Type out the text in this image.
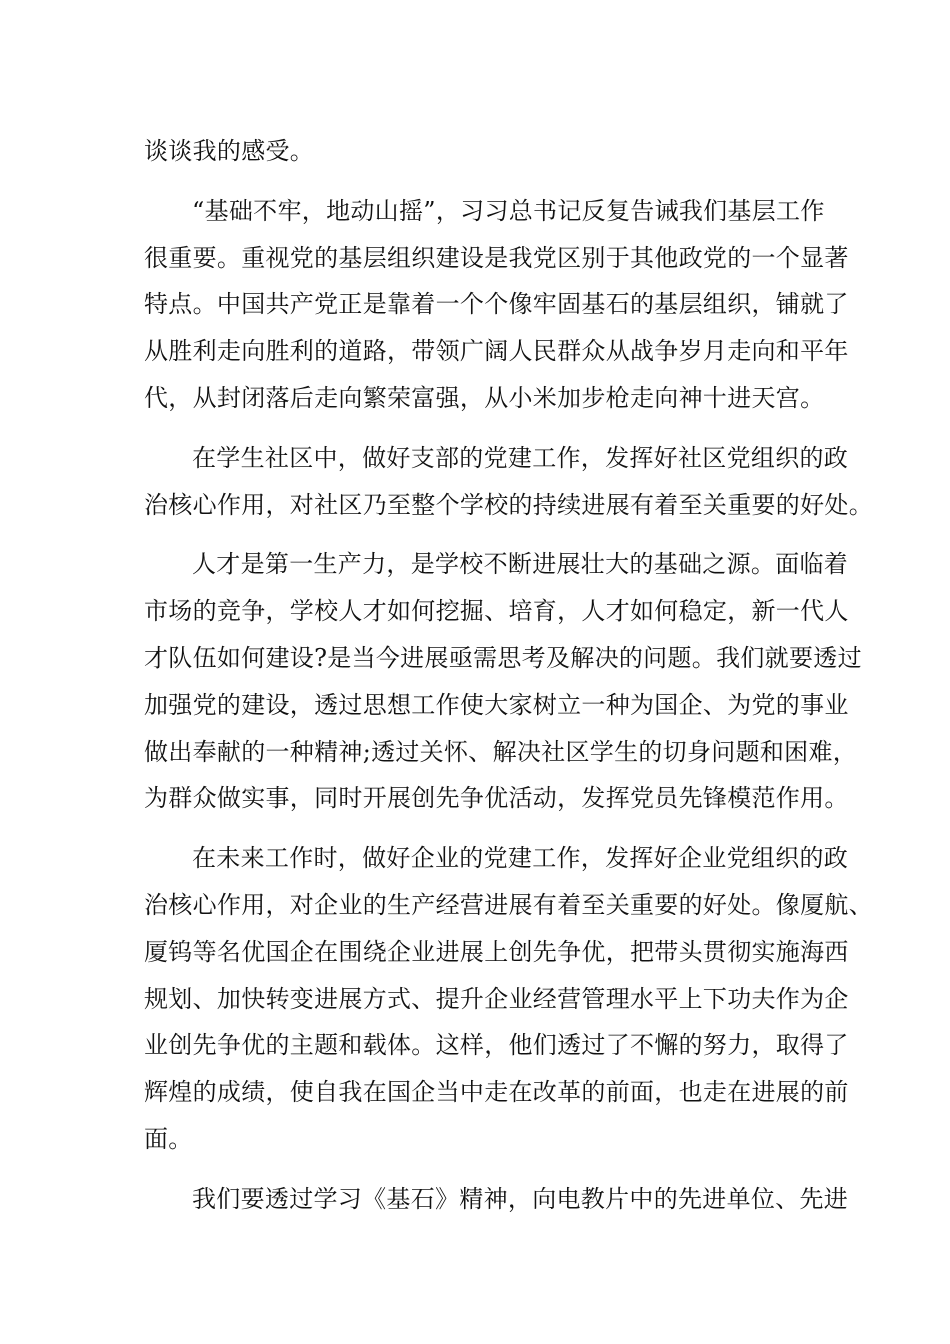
谈谈我的感受。
“基础不牢，地动山摇”，习习总书记反复告诫我们基层工作
很重要。重视党的基层组织建设是我党区别于其他政党的一个显著
特点。中国共产党正是靠着一个个像牢固基石的基层组织，铺就了
从胜利走向胜利的道路，带领广阔人民群众从战争岁月走向和平年
代，从封闭落后走向繁荣富强，从小米加步枪走向神十进天宫。
在学生社区中，做好支部的党建工作，发挥好社区党组织的政
治核心作用，对社区乃至整个学校的持续进展有着至关重要的好处。
人才是第一生产力，是学校不断进展壮大的基础之源。面临着
市场的竞争，学校人才如何挖掘、培育，人才如何稳定，新一代人
才队伍如何建设?是当今进展亟需思考及解决的问题。我们就要透过
加强党的建设，透过思想工作使大家树立一种为国企、为党的事业
做出奉献的一种精神;透过关怀、解决社区学生的切身问题和困难，
为群众做实事，同时开展创先争优活动，发挥党员先锋模范作用。
在未来工作时，做好企业的党建工作，发挥好企业党组织的政
治核心作用，对企业的生产经营进展有着至关重要的好处。像厦航、
厦钨等名优国企在围绕企业进展上创先争优，把带头贯彻实施海西
规划、加快转变进展方式、提升企业经营管理水平上下功夫作为企
业创先争优的主题和载体。这样，他们透过了不懈的努力，取得了
辉煌的成绩，使自我在国企当中走在改革的前面，也走在进展的前
面。
我们要透过学习《基石》精神，向电教片中的先进单位、先进
